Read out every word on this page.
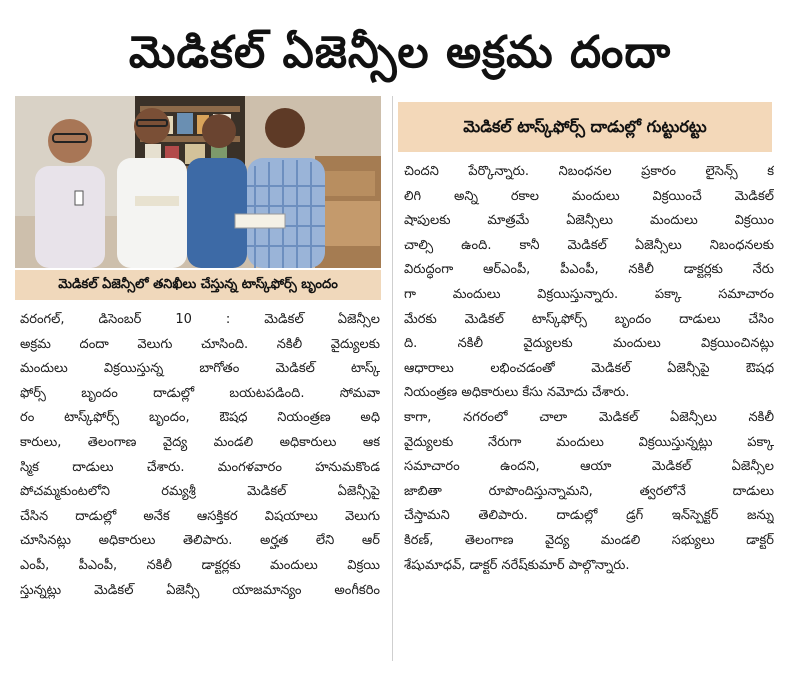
మెడికల్ ఏజెన్సీల అక్రమ దందా
మెడికల్ ఏజెన్సీలో తనిఖీలు చేస్తున్న టాస్క్‌ఫోర్స్ బృందం
మెడికల్ టాస్క్‌ఫోర్స్ దాడుల్లో గుట్టురట్టు
వరంగల్, డిసెంబర్ 10 : మెడికల్ ఏజెన్సీల
అక్రమ దందా వెలుగు చూసింది. నకిలీ వైద్యులకు
మందులు విక్రయిస్తున్న బాగోతం మెడికల్ టాస్క్
ఫోర్స్ బృందం దాడుల్లో బయటపడింది. సోమవా
రం టాస్క్‌ఫోర్స్ బృందం, ఔషధ నియంత్రణ అధి
కారులు, తెలంగాణ వైద్య మండలి అధికారులు ఆక
స్మిక దాడులు చేశారు. మంగళవారం హనుమకొండ
పోచమ్మకుంటలోని రమ్యశ్రీ మెడికల్ ఏజెన్సీపై
చేసిన దాడుల్లో అనేక ఆసక్తికర విషయాలు వెలుగు
చూసినట్లు అధికారులు తెలిపారు. అర్హత లేని ఆర్
ఎంపీ, పీఎంపీ, నకిలీ డాక్టర్లకు మందులు విక్రయి
స్తున్నట్లు మెడికల్ ఏజెన్సీ యాజమాన్యం అంగీకరిం
చిందని పేర్కొన్నారు. నిబంధనల ప్రకారం లైసెన్స్ క
లిగి అన్ని రకాల మందులు విక్రయించే మెడికల్
షాపులకు మాత్రమే ఏజెన్సీలు మందులు విక్రయిం
చాల్సి ఉంది. కానీ మెడికల్ ఏజెన్సీలు నిబంధనలకు
విరుద్ధంగా ఆర్ఎంపీ, పీఎంపీ, నకిలీ డాక్టర్లకు నేరు
గా మందులు విక్రయిస్తున్నారు. పక్కా సమాచారం
మేరకు మెడికల్ టాస్క్‌ఫోర్స్ బృందం దాడులు చేసిం
ది. నకిలీ వైద్యులకు మందులు విక్రయించినట్లు
ఆధారాలు లభించడంతో మెడికల్ ఏజెన్సీపై ఔషధ
నియంత్రణ అధికారులు కేసు నమోదు చేశారు.
కాగా, నగరంలో చాలా మెడికల్ ఏజెన్సీలు నకిలీ
వైద్యులకు నేరుగా మందులు విక్రయిస్తున్నట్లు పక్కా
సమాచారం ఉందని, ఆయా మెడికల్ ఏజెన్సీల
జాబితా రూపొందిస్తున్నామని, త్వరలోనే దాడులు
చేస్తామని తెలిపారు. దాడుల్లో డ్రగ్ ఇన్‌స్పెక్టర్ జన్ను
కిరణ్, తెలంగాణ వైద్య మండలి సభ్యులు డాక్టర్
శేషుమాధవ్, డాక్టర్ నరేష్‌కుమార్ పాల్గొన్నారు.
